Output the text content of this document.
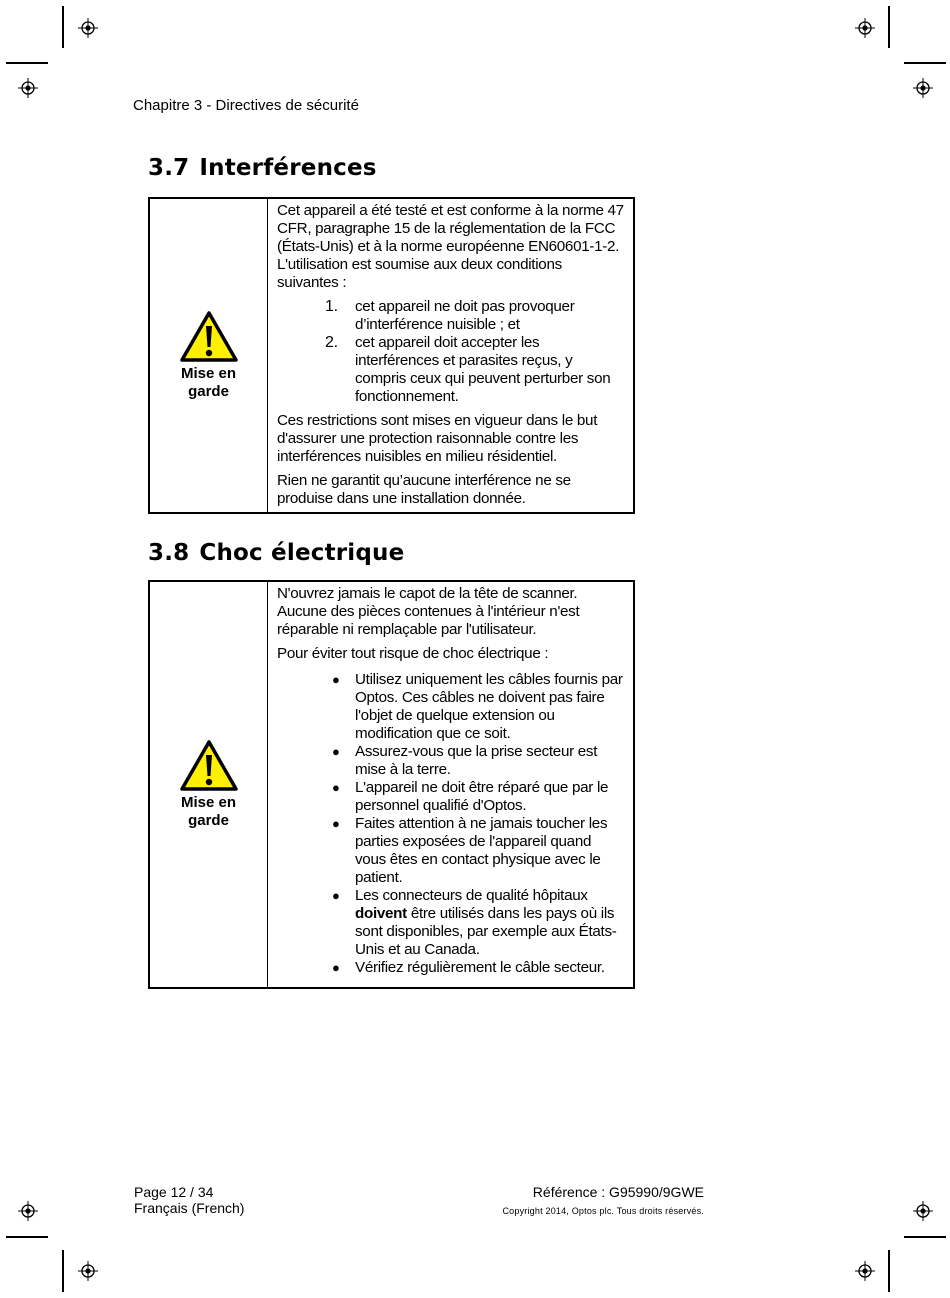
Chapitre 3 - Directives de sécurité
3.7 Interférences
Mise en
garde

Cet appareil a été testé et est conforme à la norme 47 CFR, paragraphe 15 de la réglementation de la FCC (États-Unis) et à la norme européenne EN60601-1-2. L'utilisation est soumise aux deux conditions suivantes :

1. cet appareil ne doit pas provoquer d’interférence nuisible ; et
2. cet appareil doit accepter les interférences et parasites reçus, y compris ceux qui peuvent perturber son fonctionnement.

Ces restrictions sont mises en vigueur dans le but d'assurer une protection raisonnable contre les interférences nuisibles en milieu résidentiel.

Rien ne garantit qu’aucune interférence ne se produise dans une installation donnée.

3.8 Choc électrique
Mise en
garde

N'ouvrez jamais le capot de la tête de scanner. Aucune des pièces contenues à l'intérieur n'est réparable ni remplaçable par l'utilisateur.

Pour éviter tout risque de choc électrique :

● Utilisez uniquement les câbles fournis par Optos. Ces câbles ne doivent pas faire l'objet de quelque extension ou modification que ce soit.
● Assurez-vous que la prise secteur est mise à la terre.
● L'appareil ne doit être réparé que par le personnel qualifié d'Optos.
● Faites attention à ne jamais toucher les parties exposées de l'appareil quand vous êtes en contact physique avec le patient.
● Les connecteurs de qualité hôpitaux doivent être utilisés dans les pays où ils sont disponibles, par exemple aux États-Unis et au Canada.
● Vérifiez régulièrement le câble secteur.
Page 12 / 34
Français (French)
Référence : G95990/9GWE
Copyright 2014, Optos plc. Tous droits réservés.
